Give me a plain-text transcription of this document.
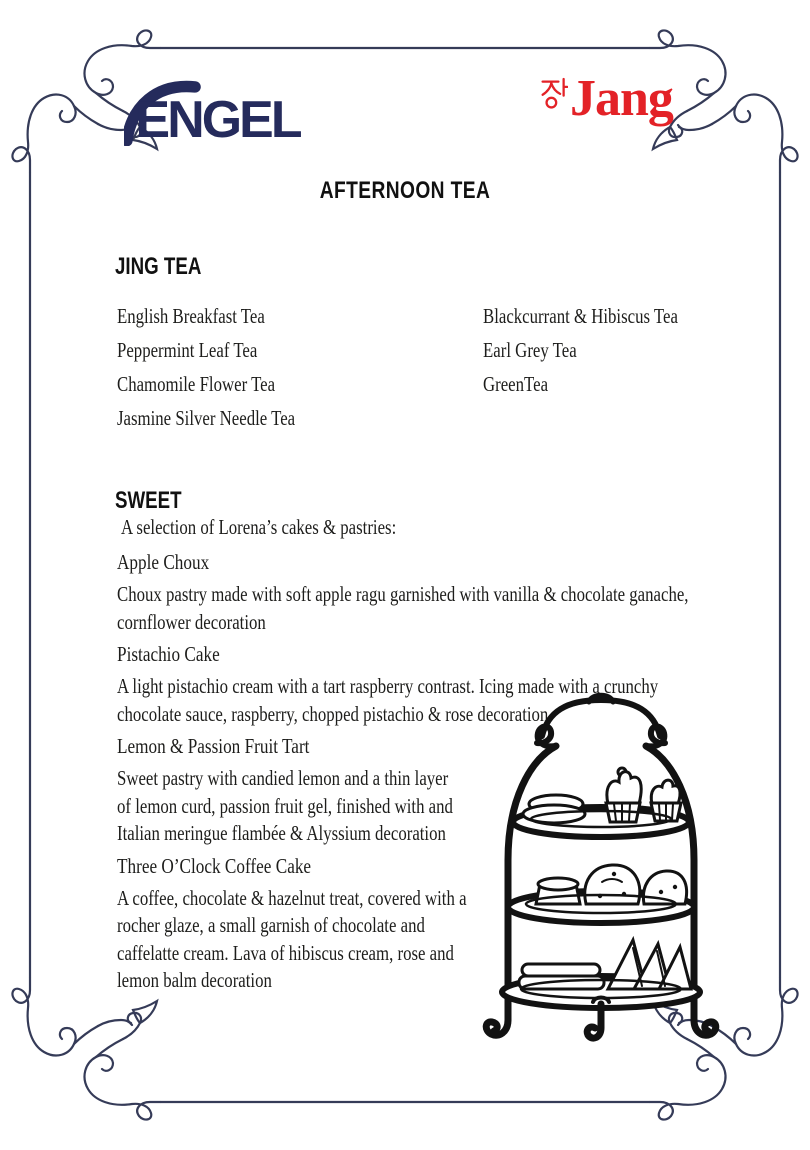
ENGEL	Jang
AFTERNOON TEA
JING TEA
English Breakfast Tea
Peppermint Leaf Tea
Chamomile Flower Tea
Jasmine Silver Needle Tea
Blackcurrant & Hibiscus Tea
Earl Grey Tea
GreenTea
SWEET
A selection of Lorena’s cakes & pastries:
Apple Choux
Choux pastry made with soft apple ragu garnished with vanilla & chocolate ganache, cornflower decoration
Pistachio Cake
A light pistachio cream with a tart raspberry contrast. Icing made with a crunchy chocolate sauce, raspberry, chopped pistachio & rose decoration
Lemon & Passion Fruit Tart
Sweet pastry with candied lemon and a thin layer of lemon curd, passion fruit gel, finished with and Italian meringue flambée & Alyssium decoration
Three O’Clock Coffee Cake
A coffee, chocolate & hazelnut treat, covered with a rocher glaze, a small garnish of chocolate and caffelatte cream. Lava of hibiscus cream, rose and lemon balm decoration
